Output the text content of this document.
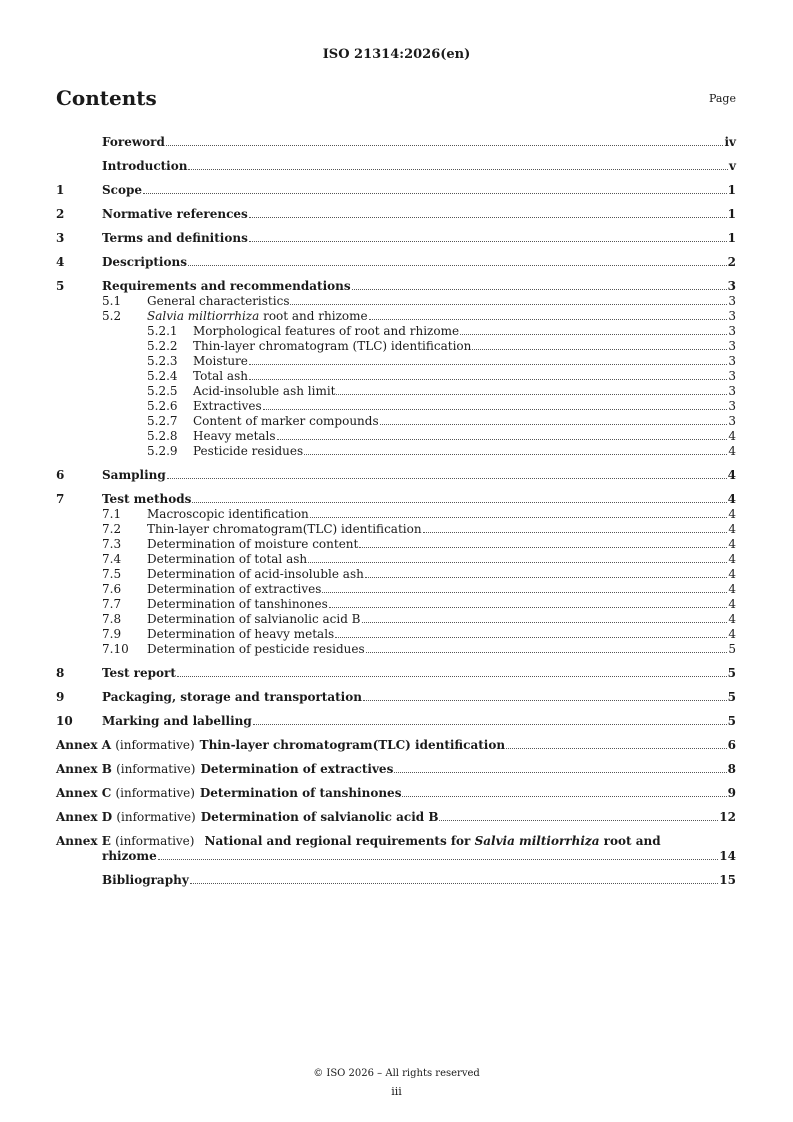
ISO 21314:2026(en)
Contents	Page
Foreword	iv
Introduction	v
1	Scope	1
2	Normative references	1
3	Terms and definitions	1
4	Descriptions	2
5	Requirements and recommendations	3
5.1	General characteristics	3
5.2	Salvia miltiorrhiza root and rhizome	3
5.2.1	Morphological features of root and rhizome	3
5.2.2	Thin-layer chromatogram (TLC) identification	3
5.2.3	Moisture	3
5.2.4	Total ash	3
5.2.5	Acid-insoluble ash limit	3
5.2.6	Extractives	3
5.2.7	Content of marker compounds	3
5.2.8	Heavy metals	4
5.2.9	Pesticide residues	4
6	Sampling	4
7	Test methods	4
7.1	Macroscopic identification	4
7.2	Thin-layer chromatogram(TLC) identification	4
7.3	Determination of moisture content	4
7.4	Determination of total ash	4
7.5	Determination of acid-insoluble ash	4
7.6	Determination of extractives	4
7.7	Determination of tanshinones	4
7.8	Determination of salvianolic acid B	4
7.9	Determination of heavy metals	4
7.10	Determination of pesticide residues	5
8	Test report	5
9	Packaging, storage and transportation	5
10	Marking and labelling	5
Annex A (informative) Thin-layer chromatogram(TLC) identification	6
Annex B (informative) Determination of extractives	8
Annex C (informative) Determination of tanshinones	9
Annex D (informative) Determination of salvianolic acid B	12
Annex E (informative) National and regional requirements for Salvia miltiorrhiza root and
rhizome	14
Bibliography	15
© ISO 2026 – All rights reserved
iii
